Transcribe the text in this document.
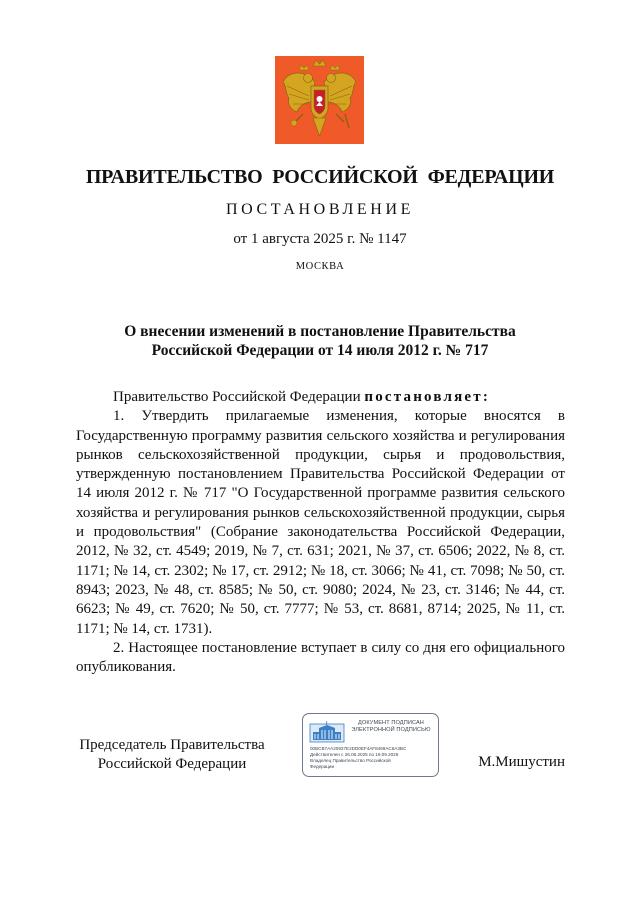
ПРАВИТЕЛЬСТВО РОССИЙСКОЙ ФЕДЕРАЦИИ
ПОСТАНОВЛЕНИЕ
от 1 августа 2025 г. № 1147
МОСКВА
О внесении изменений в постановление Правительства
Российской Федерации от 14 июля 2012 г. № 717

Правительство Российской Федерации постановляет:

1. Утвердить прилагаемые изменения, которые вносятся в Государственную программу развития сельского хозяйства и регулирования рынков сельскохозяйственной продукции, сырья и продовольствия, утвержденную постановлением Правительства Российской Федерации от 14 июля 2012 г. № 717 "О Государственной программе развития сельского хозяйства и регулирования рынков сельскохозяйственной продукции, сырья и продовольствия" (Собрание законодательства Российской Федерации, 2012, № 32, ст. 4549; 2019, № 7, ст. 631; 2021, № 37, ст. 6506; 2022, № 8, ст. 1171; № 14, ст. 2302; № 17, ст. 2912; № 18, ст. 3066; № 41, ст. 7098; № 50, ст. 8943; 2023, № 48, ст. 8585; № 50, ст. 9080; 2024, № 23, ст. 3146; № 44, ст. 6623; № 49, ст. 7620; № 50, ст. 7777; № 53, ст. 8681, 8714; 2025, № 11, ст. 1171; № 14, ст. 1731).

2. Настоящее постановление вступает в силу со дня его официального опубликования.

Председатель Правительства
Российской Федерации
ДОКУМЕНТ ПОДПИСАН
ЭЛЕКТРОННОЙ ПОДПИСЬЮ
00BCB7AA20937E2DD0EF4AF8469AC6A3BC
Действителен с 26.06.2025 по 19.09.2026
Владелец Правительство Российской
Федерации	М.Мишустин
